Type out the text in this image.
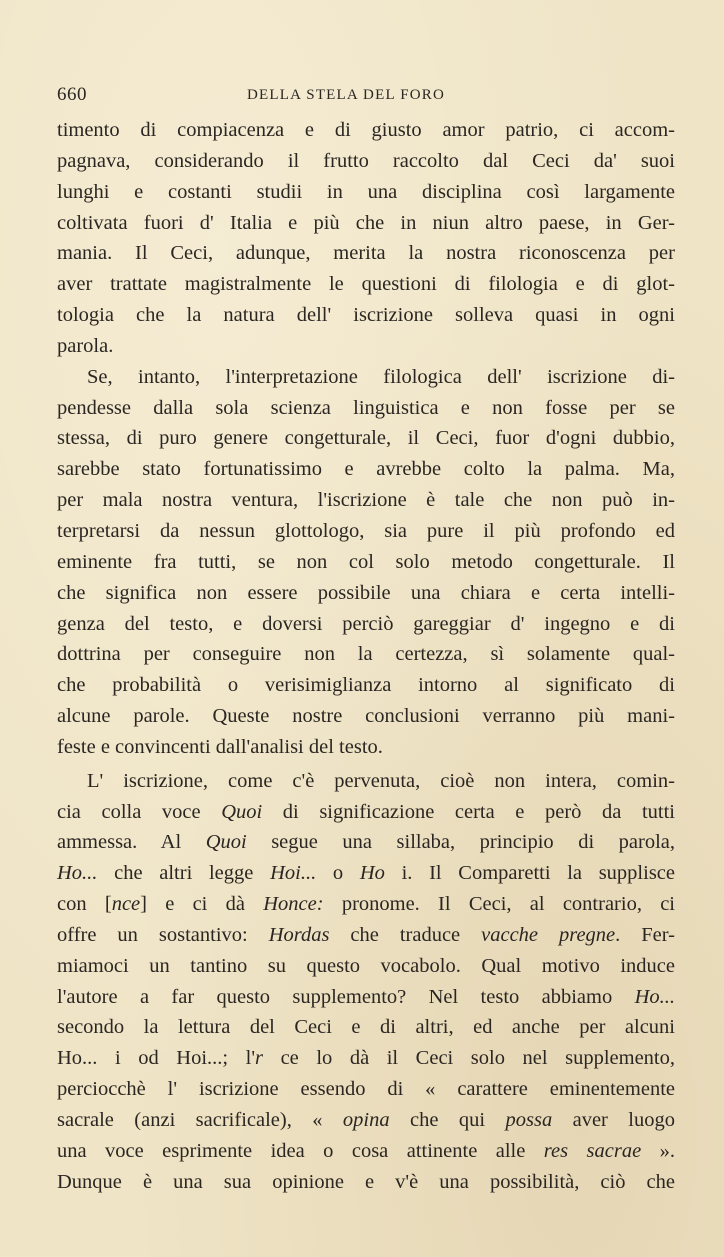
660	DELLA STELA DEL FORO
timento di compiacenza e di giusto amor patrio, ci accom-
pagnava, considerando il frutto raccolto dal Ceci da' suoi
lunghi e costanti studii in una disciplina così largamente
coltivata fuori d' Italia e più che in niun altro paese, in Ger-
mania. Il Ceci, adunque, merita la nostra riconoscenza per
aver trattate magistralmente le questioni di filologia e di glot-
tologia che la natura dell' iscrizione solleva quasi in ogni
parola.
Se, intanto, l'interpretazione filologica dell' iscrizione di-
pendesse dalla sola scienza linguistica e non fosse per se
stessa, di puro genere congetturale, il Ceci, fuor d'ogni dubbio,
sarebbe stato fortunatissimo e avrebbe colto la palma. Ma,
per mala nostra ventura, l'iscrizione è tale che non può in-
terpretarsi da nessun glottologo, sia pure il più profondo ed
eminente fra tutti, se non col solo metodo congetturale. Il
che significa non essere possibile una chiara e certa intelli-
genza del testo, e doversi perciò gareggiar d' ingegno e di
dottrina per conseguire non la certezza, sì solamente qual-
che probabilità o verisimiglianza intorno al significato di
alcune parole. Queste nostre conclusioni verranno più mani-
feste e convincenti dall'analisi del testo.
L' iscrizione, come c'è pervenuta, cioè non intera, comin-
cia colla voce Quoi di significazione certa e però da tutti
ammessa. Al Quoi segue una sillaba, principio di parola,
Ho... che altri legge Hoi... o Ho i. Il Comparetti la supplisce
con [nce] e ci dà Honce: pronome. Il Ceci, al contrario, ci
offre un sostantivo: Hordas che traduce vacche pregne. Fer-
miamoci un tantino su questo vocabolo. Qual motivo induce
l'autore a far questo supplemento? Nel testo abbiamo Ho...
secondo la lettura del Ceci e di altri, ed anche per alcuni
Ho... i od Hoi...; l'r ce lo dà il Ceci solo nel supplemento,
perciocchè l' iscrizione essendo di « carattere eminentemente
sacrale (anzi sacrificale), « opina che qui possa aver luogo
una voce esprimente idea o cosa attinente alle res sacrae ».
Dunque è una sua opinione e v'è una possibilità, ciò che
